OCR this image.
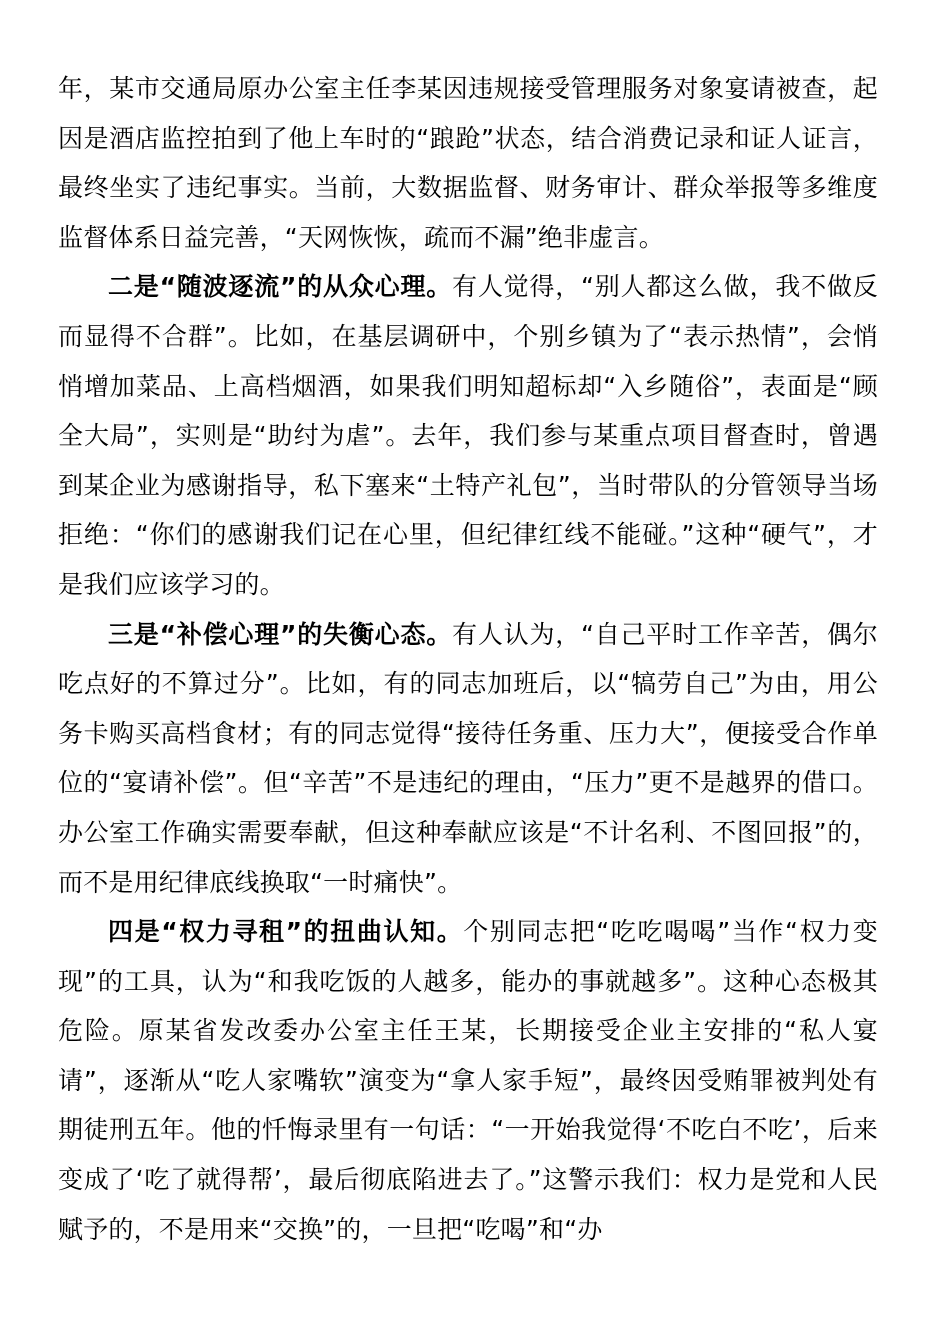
年，某市交通局原办公室主任李某因违规接受管理服务对象宴请被查，起因是酒店监控拍到了他上车时的“踉跄”状态，结合消费记录和证人证言，最终坐实了违纪事实。当前，大数据监督、财务审计、群众举报等多维度监督体系日益完善，“天网恢恢，疏而不漏”绝非虚言。

二是“随波逐流”的从众心理。有人觉得，“别人都这么做，我不做反而显得不合群”。比如，在基层调研中，个别乡镇为了“表示热情”，会悄悄增加菜品、上高档烟酒，如果我们明知超标却“入乡随俗”，表面是“顾全大局”，实则是“助纣为虐”。去年，我们参与某重点项目督查时，曾遇到某企业为感谢指导，私下塞来“土特产礼包”，当时带队的分管领导当场拒绝：“你们的感谢我们记在心里，但纪律红线不能碰。”这种“硬气”，才是我们应该学习的。

三是“补偿心理”的失衡心态。有人认为，“自己平时工作辛苦，偶尔吃点好的不算过分”。比如，有的同志加班后，以“犒劳自己”为由，用公务卡购买高档食材；有的同志觉得“接待任务重、压力大”，便接受合作单位的“宴请补偿”。但“辛苦”不是违纪的理由，“压力”更不是越界的借口。办公室工作确实需要奉献，但这种奉献应该是“不计名利、不图回报”的，而不是用纪律底线换取“一时痛快”。

四是“权力寻租”的扭曲认知。个别同志把“吃吃喝喝”当作“权力变现”的工具，认为“和我吃饭的人越多，能办的事就越多”。这种心态极其危险。原某省发改委办公室主任王某，长期接受企业主安排的“私人宴请”，逐渐从“吃人家嘴软”演变为“拿人家手短”，最终因受贿罪被判处有期徒刑五年。他的忏悔录里有一句话：“一开始我觉得‘不吃白不吃’，后来变成了‘吃了就得帮’，最后彻底陷进去了。”这警示我们：权力是党和人民赋予的，不是用来“交换”的，一旦把“吃喝”和“办
